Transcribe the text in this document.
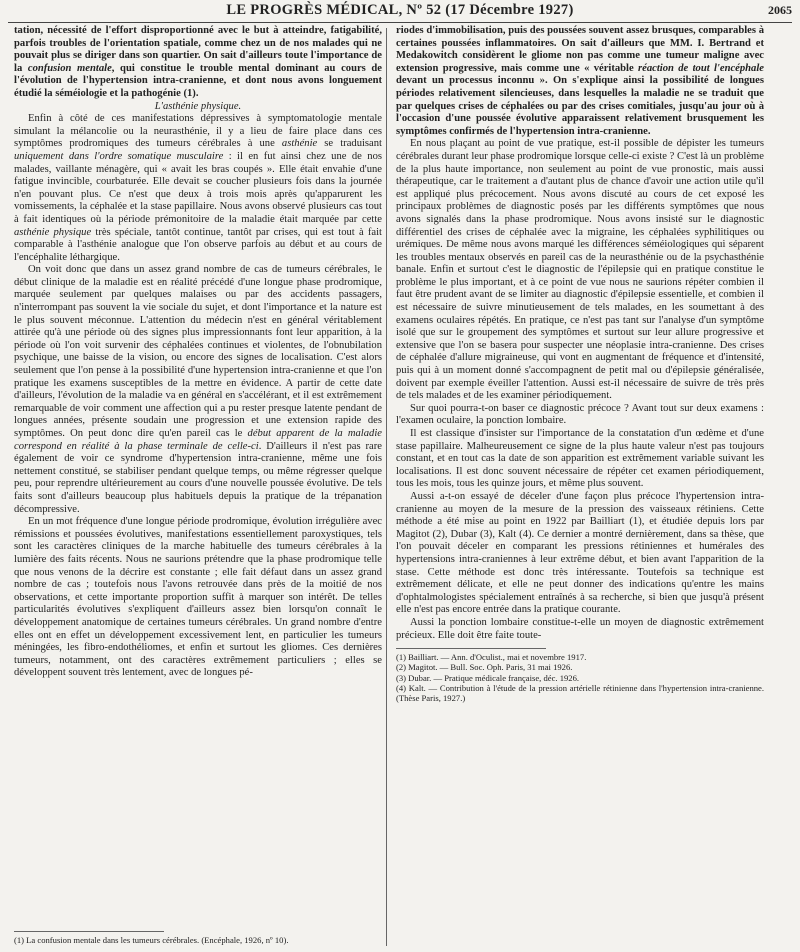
LE PROGRÈS MÉDICAL, Nº 52 (17 Décembre 1927)	2065

tation, nécessité de l'effort disproportionné avec le but à atteindre, fatigabilité, parfois troubles de l'orientation spatiale, comme chez un de nos malades qui ne pouvait plus se diriger dans son quartier. On sait d'ailleurs toute l'importance de la confusion mentale, qui constitue le trouble mental dominant au cours de l'évolution de l'hypertension intra-cranienne, et dont nous avons longuement étudié la séméiologie et la pathogénie (1).

L'asthénie physique.

Enfin à côté de ces manifestations dépressives à symptomatologie mentale simulant la mélancolie ou la neurasthénie, il y a lieu de faire place dans ces symptômes prodromiques des tumeurs cérébrales à une asthénie se traduisant uniquement dans l'ordre somatique musculaire : il en fut ainsi chez une de nos malades, vaillante ménagère, qui « avait les bras coupés ». Elle était envahie d'une fatigue invincible, courbaturée. Elle devait se coucher plusieurs fois dans la journée n'en pouvant plus. Ce n'est que deux à trois mois après qu'apparurent les vomissements, la céphalée et la stase papillaire. Nous avons observé plusieurs cas tout à fait identiques où la période prémonitoire de la maladie était marquée par cette asthénie physique très spéciale, tantôt continue, tantôt par crises, qui est tout à fait comparable à l'asthénie analogue que l'on observe parfois au début et au cours de l'encéphalite léthargique.

On voit donc que dans un assez grand nombre de cas de tumeurs cérébrales, le début clinique de la maladie est en réalité précédé d'une longue phase prodromique, marquée seulement par quelques malaises ou par des accidents passagers, n'interrompant pas souvent la vie sociale du sujet, et dont l'importance et la nature est le plus souvent méconnue. L'attention du médecin n'est en général véritablement attirée qu'à une période où des signes plus impressionnants font leur apparition, à la période où l'on voit survenir des céphalées continues et violentes, de l'obnubilation psychique, une baisse de la vision, ou encore des signes de localisation. C'est alors seulement que l'on pense à la possibilité d'une hypertension intra-cranienne et que l'on pratique les examens susceptibles de la mettre en évidence. A partir de cette date d'ailleurs, l'évolution de la maladie va en général en s'accélérant, et il est extrêmement remarquable de voir comment une affection qui a pu rester presque latente pendant de longues années, présente soudain une progression et une extension rapide des symptômes. On peut donc dire qu'en pareil cas le début apparent de la maladie correspond en réalité à la phase terminale de celle-ci. D'ailleurs il n'est pas rare également de voir ce syndrome d'hypertension intra-cranienne, même une fois nettement constitué, se stabiliser pendant quelque temps, ou même régresser quelque peu, pour reprendre ultérieurement au cours d'une nouvelle poussée évolutive. De tels faits sont d'ailleurs beaucoup plus habituels depuis la pratique de la trépanation décompressive.

En un mot fréquence d'une longue période prodromique, évolution irrégulière avec rémissions et poussées évolutives, manifestations essentiellement paroxystiques, tels sont les caractères cliniques de la marche habituelle des tumeurs cérébrales à la lumière des faits récents. Nous ne saurions prétendre que la phase prodromique telle que nous venons de la décrire est constante ; elle fait défaut dans un assez grand nombre de cas ; toutefois nous l'avons retrouvée dans près de la moitié de nos observations, et cette importante proportion suffit à marquer son intérêt. De telles particularités évolutives s'expliquent d'ailleurs assez bien lorsqu'on connaît le développement anatomique de certaines tumeurs cérébrales. Un grand nombre d'entre elles ont en effet un développement excessivement lent, en particulier les tumeurs méningées, les fibro-endothéliomes, et enfin et surtout les gliomes. Ces dernières tumeurs, notamment, ont des caractères extrêmement particuliers ; elles se développent souvent très lentement, avec de longues pé-

(1) La confusion mentale dans les tumeurs cérébrales. (Encéphale, 1926, nº 10).

riodes d'immobilisation, puis des poussées souvent assez brusques, comparables à certaines poussées inflammatoires. On sait d'ailleurs que MM. I. Bertrand et Medakowitch considèrent le gliome non pas comme une tumeur maligne avec extension progressive, mais comme une « véritable réaction de tout l'encéphale devant un processus inconnu ». On s'explique ainsi la possibilité de longues périodes relativement silencieuses, dans lesquelles la maladie ne se traduit que par quelques crises de céphalées ou par des crises comitiales, jusqu'au jour où à l'occasion d'une poussée évolutive apparaissent relativement brusquement les symptômes confirmés de l'hypertension intra-cranienne.

En nous plaçant au point de vue pratique, est-il possible de dépister les tumeurs cérébrales durant leur phase prodromique lorsque celle-ci existe ? C'est là un problème de la plus haute importance, non seulement au point de vue pronostic, mais aussi thérapeutique, car le traitement a d'autant plus de chance d'avoir une action utile qu'il est appliqué plus précocement. Nous avons discuté au cours de cet exposé les principaux problèmes de diagnostic posés par les différents symptômes que nous avons signalés dans la phase prodromique. Nous avons insisté sur le diagnostic différentiel des crises de céphalée avec la migraine, les céphalées syphilitiques ou urémiques. De même nous avons marqué les différences séméiologiques qui séparent les troubles mentaux observés en pareil cas de la neurasthénie ou de la psychasthénie banale. Enfin et surtout c'est le diagnostic de l'épilepsie qui en pratique constitue le problème le plus important, et à ce point de vue nous ne saurions répéter combien il faut être prudent avant de se limiter au diagnostic d'épilepsie essentielle, et combien il est nécessaire de suivre minutieusement de tels malades, en les soumettant à des examens oculaires répétés. En pratique, ce n'est pas tant sur l'analyse d'un symptôme isolé que sur le groupement des symptômes et surtout sur leur allure progressive et extensive que l'on se basera pour suspecter une néoplasie intra-cranienne. Des crises de céphalée d'allure migraineuse, qui vont en augmentant de fréquence et d'intensité, puis qui à un moment donné s'accompagnent de petit mal ou d'épilepsie généralisée, doivent par exemple éveiller l'attention. Aussi est-il nécessaire de suivre de très près de tels malades et de les examiner périodiquement.

Sur quoi pourra-t-on baser ce diagnostic précoce ? Avant tout sur deux examens : l'examen oculaire, la ponction lombaire.

Il est classique d'insister sur l'importance de la constatation d'un œdème et d'une stase papillaire. Malheureusement ce signe de la plus haute valeur n'est pas toujours constant, et en tout cas la date de son apparition est extrêmement variable suivant les localisations. Il est donc souvent nécessaire de répéter cet examen périodiquement, tous les mois, tous les quinze jours, et même plus souvent.

Aussi a-t-on essayé de déceler d'une façon plus précoce l'hypertension intra-cranienne au moyen de la mesure de la pression des vaisseaux rétiniens. Cette méthode a été mise au point en 1922 par Bailliart (1), et étudiée depuis lors par Magitot (2), Dubar (3), Kalt (4). Ce dernier a montré dernièrement, dans sa thèse, que l'on pouvait déceler en comparant les pressions rétiniennes et humérales des hypertensions intra-craniennes à leur extrême début, et bien avant l'apparition de la stase. Cette méthode est donc très intéressante. Toutefois sa technique est extrêmement délicate, et elle ne peut donner des indications qu'entre les mains d'ophtalmologistes spécialement entraînés à sa recherche, si bien que jusqu'à présent elle n'est pas encore entrée dans la pratique courante.

Aussi la ponction lombaire constitue-t-elle un moyen de diagnostic extrêmement précieux. Elle doit être faite toute-

(1) Bailliart. — Ann. d'Oculist., mai et novembre 1917.

(2) Magitot. — Bull. Soc. Oph. Paris, 31 mai 1926.

(3) Dubar. — Pratique médicale française, déc. 1926.

(4) Kalt. — Contribution à l'étude de la pression artérielle rétinienne dans l'hypertension intra-cranienne. (Thèse Paris, 1927.)
